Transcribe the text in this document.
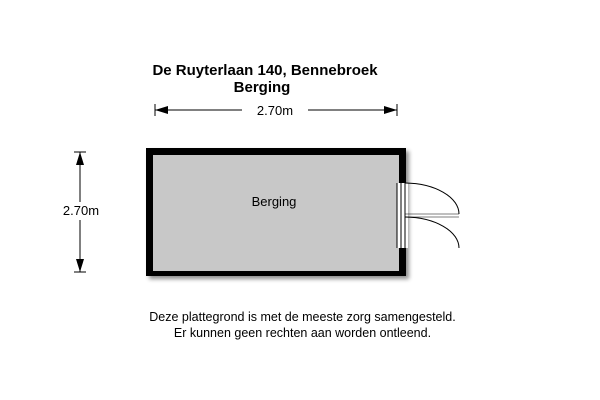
De Ruyterlaan 140, Bennebroek
Berging
2.70m
2.70m
Berging
Deze plattegrond is met de meeste zorg samengesteld.
Er kunnen geen rechten aan worden ontleend.
